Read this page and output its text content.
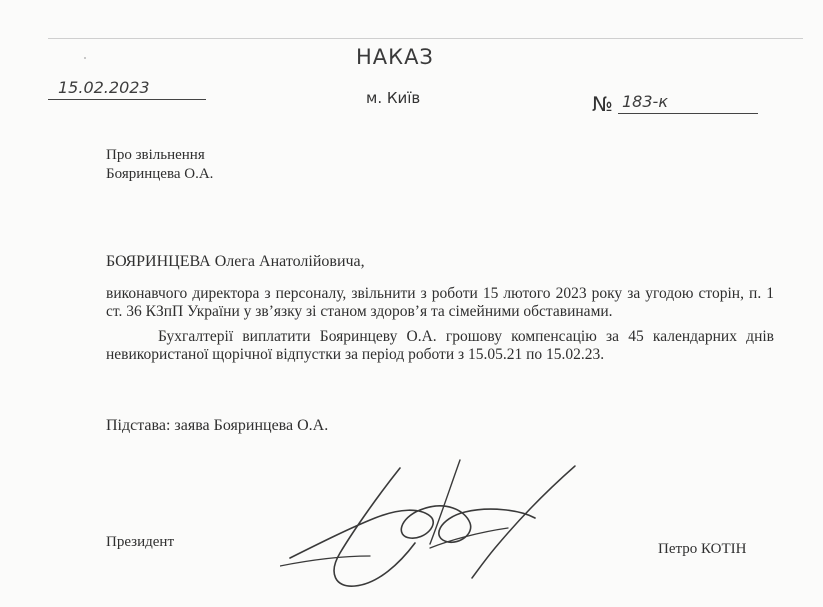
НАКАЗ
м. Київ
15.02.2023
№ 183-к
Про звільнення
Бояринцева О.А.
БОЯРИНЦЕВА Олега Анатолійовича,

виконавчого директора з персоналу, звільнити з роботи 15 лютого 2023 року за угодою сторін, п. 1 ст. 36 КЗпП України у зв’язку зі станом здоров’я та сімейними обставинами.

Бухгалтерії виплатити Бояринцеву О.А. грошову компенсацію за 45 календарних днів невикористаної щорічної відпустки за період роботи з 15.05.21 по 15.02.23.

Підстава: заява Бояринцева О.А.
Президент	Петро КОТІН
